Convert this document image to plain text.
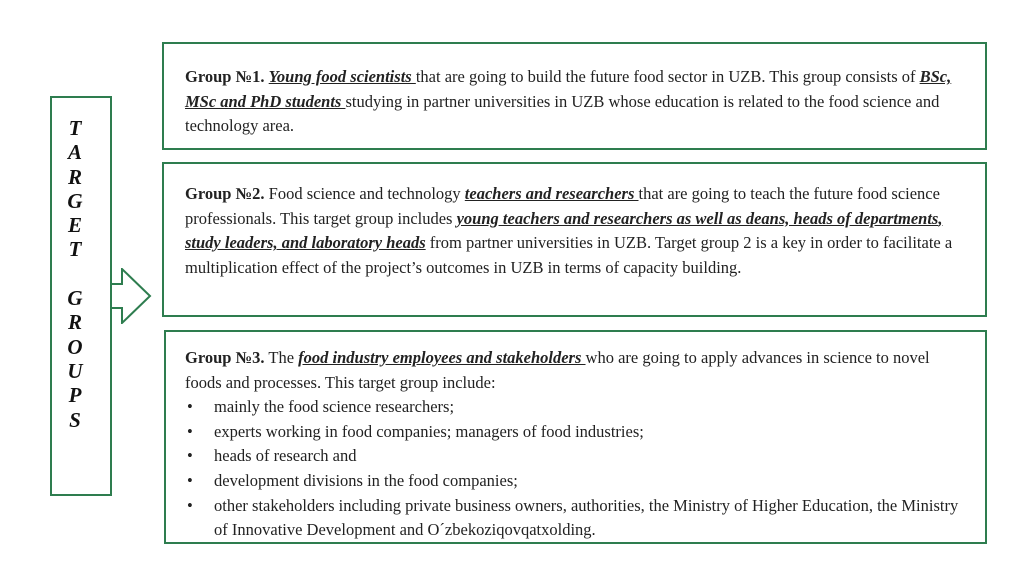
T
A
R
G
E
T

G
R
O
U
P
S
Group №1. Young food scientists that are going to build the future food sector in UZB. This group consists of BSc, MSc and PhD students studying in partner universities in UZB whose education is related to the food science and technology area.
Group №2. Food science and technology teachers and researchers that are going to teach the future food science professionals. This target group includes young teachers and researchers as well as deans, heads of departments, study leaders, and laboratory heads from partner universities in UZB. Target group 2 is a key in order to facilitate a multiplication effect of the project’s outcomes in UZB in terms of capacity building.
Group №3. The food industry employees and stakeholders who are going to apply advances in science to novel foods and processes. This target group include:
• mainly the food science researchers;
• experts working in food companies; managers of food industries;
• heads of research and
• development divisions in the food companies;
• other stakeholders including private business owners, authorities, the Ministry of Higher Education, the Ministry of Innovative Development and O´zbekoziqovqatxolding.
